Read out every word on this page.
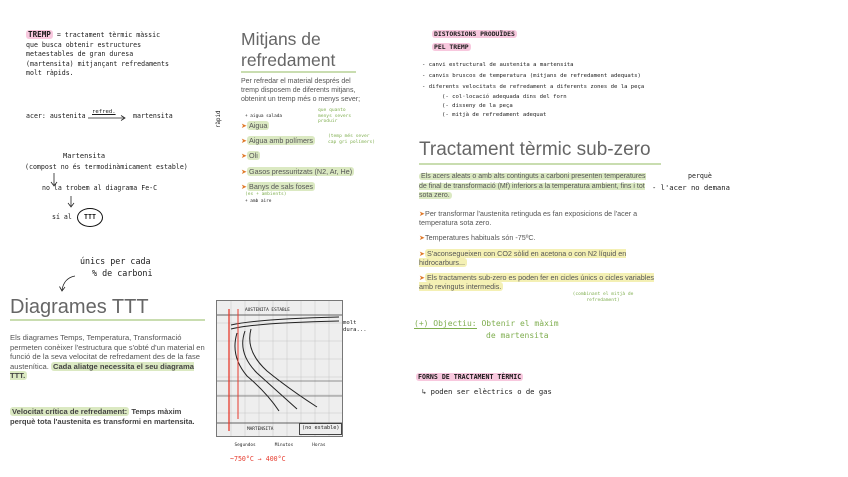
TREMP = tractament tèrmic màssic
que busca obtenir estructures
metaestables de gran duresa
(martensita) mitjançant refredaments
molt ràpids.
acer: austenita refred.	martensita
Martensita
(compost no és termodinàmicament estable)
no la trobem al diagrama Fe-C
sí al	TTT
únics per cada
% de carboni
Diagrames TTT
Els diagrames Temps, Temperatura, Transformació permeten conèixer l'estructura que s'obté d'un material en funció de la seva velocitat de refredament des de la fase austenítica. Cada aliatge necessita el seu diagrama TTT.
Velocitat crítica de refredament: Temps màxim perquè tota l'austenita es transformi en martensita.
AUSTENITA ESTABLE
MARTENSITA	(no estable)
Segundos	Minutos	Horas
molt dura...
~750°C → 400°C
ràpid
Mitjans de
refredament
Per refredar el material després del tremp disposem de diferents mitjans, obtenint un tremp més o menys sever;
que quanto
menys severs
produir
+ aigua salada
➤ Aigua
➤ Aigua amb polímers
➤ Oli
➤ Gasos pressuritzats (N2, Ar, He)
➤ Banys de sals foses
(es + ambients)
+ amb aire
(temp més sever
cap gri polímers)
DISTORSIONS PRODUÏDES
PEL TREMP
- canvi estructural de austenita a martensita
- canvis bruscos de temperatura (mitjans de refredament adequats)
- diferents velocitats de refredament a diferents zones de la peça
(- col·locació adequada dins del forn
(- disseny de la peça
(- mitjà de refredament adequat
Tractament tèrmic sub-zero
Els acers aleats o amb alts continguts a carboni presenten temperatures de final de transformació (Mf) inferiors a la temperatura ambient, fins i tot sota zero.
perquè
- l'acer no demana
➤Per transformar l'austenita retinguda es fan exposicions de l'acer a temperatura sota zero.
➤Temperatures habituals són -75ºC.
➤ S'aconsegueixen con CO2 sòlid en acetona o con N2 líquid en hidrocarburs...
➤ Els tractaments sub-zero es poden fer en cicles únics o cicles variables amb revinguts intermedis.
(combinant el mitjà de refredament)
(+) Objectiu: Obtenir el màxim
de martensita
FORNS DE TRACTAMENT TÈRMIC
↳ poden ser elèctrics o de gas
